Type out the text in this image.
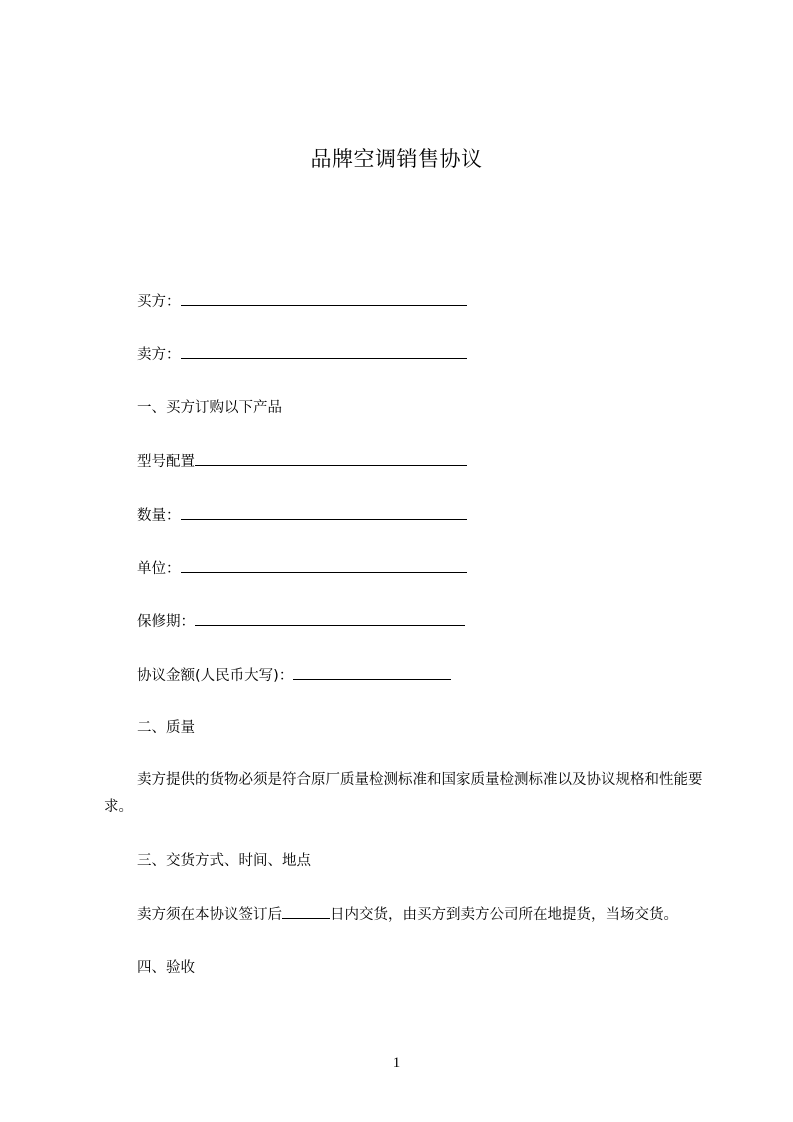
品牌空调销售协议
买方：
卖方：
一、买方订购以下产品
型号配置
数量：
单位：
保修期：
协议金额(人民币大写)：
二、质量
卖方提供的货物必须是符合原厂质量检测标准和国家质量检测标准以及协议规格和性能要求。
三、交货方式、时间、地点
卖方须在本协议签订后	日内交货，由买方到卖方公司所在地提货，当场交货。
四、验收
1
